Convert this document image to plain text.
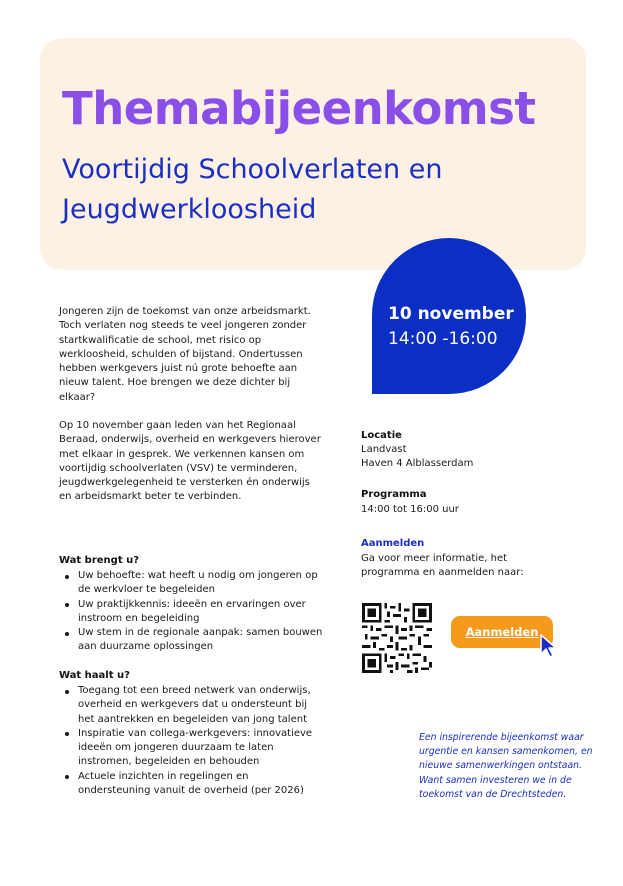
Themabijeenkomst
Voortijdig Schoolverlaten en Jeugdwerkloosheid
10 november
14:00 -16:00

Jongeren zijn de toekomst van onze arbeidsmarkt. Toch verlaten nog steeds te veel jongeren zonder startkwalificatie de school, met risico op werkloosheid, schulden of bijstand. Ondertussen hebben werkgevers juist nú grote behoefte aan nieuw talent. Hoe brengen we deze dichter bij elkaar?

Op 10 november gaan leden van het Regionaal Beraad, onderwijs, overheid en werkgevers hierover met elkaar in gesprek. We verkennen kansen om voortijdig schoolverlaten (VSV) te verminderen, jeugdwerkgelegenheid te versterken én onderwijs en arbeidsmarkt beter te verbinden.

Wat brengt u?

Uw behoefte: wat heeft u nodig om jongeren op de werkvloer te begeleiden
Uw praktijkkennis: ideeën en ervaringen over instroom en begeleiding
Uw stem in de regionale aanpak: samen bouwen aan duurzame oplossingen

Wat haalt u?

Toegang tot een breed netwerk van onderwijs, overheid en werkgevers dat u ondersteunt bij het aantrekken en begeleiden van jong talent
Inspiratie van collega-werkgevers: innovatieve ideeën om jongeren duurzaam te laten instromen, begeleiden en behouden
Actuele inzichten in regelingen en ondersteuning vanuit de overheid (per 2026)

Locatie

Landvast

Haven 4 Alblasserdam

Programma

14:00 tot 16:00 uur

Aanmelden

Ga voor meer informatie, het programma en aanmelden naar:

Aanmelden

Een inspirerende bijeenkomst waar urgentie en kansen samenkomen, en nieuwe samenwerkingen ontstaan. Want samen investeren we in de toekomst van de Drechtsteden.
